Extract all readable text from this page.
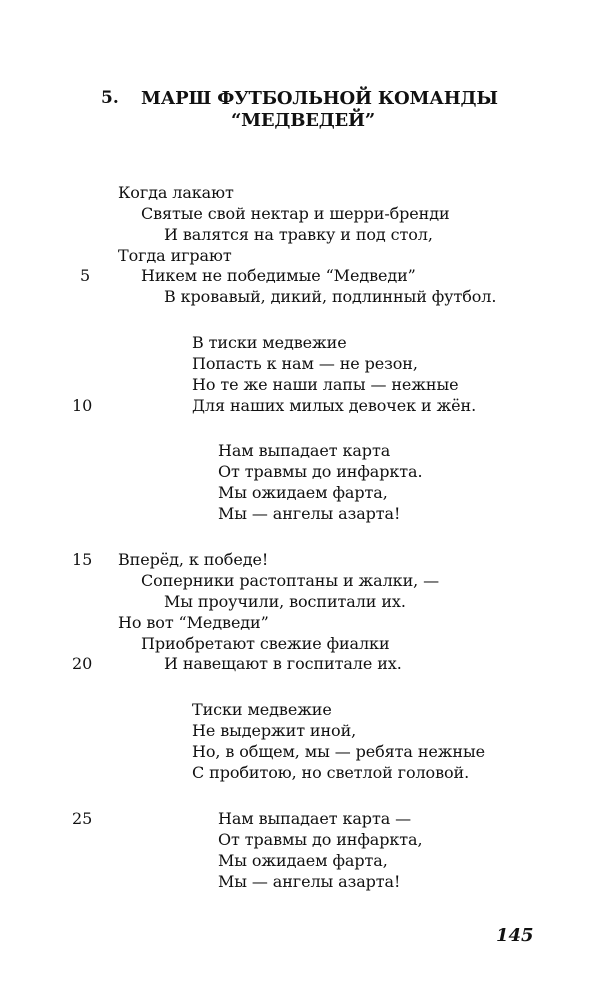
5. МАРШ ФУТБОЛЬНОЙ КОМАНДЫ
“МЕДВЕДЕЙ”
Когда лакают
Святые свой нектар и шерри-бренди
И валятся на травку и под стол,
Тогда играют
Никем не победимые “Медведи”
В кровавый, дикий, подлинный футбол.
В тиски медвежие
Попасть к нам — не резон,
Но те же наши лапы — нежные
Для наших милых девочек и жён.
Нам выпадает карта
От травмы до инфаркта.
Мы ожидаем фарта,
Мы — ангелы азарта!
Вперёд, к победе!
Соперники растоптаны и жалки, —
Мы проучили, воспитали их.
Но вот “Медведи”
Приобретают свежие фиалки
И навещают в госпитале их.
Тиски медвежие
Не выдержит иной,
Но, в общем, мы — ребята нежные
С пробитою, но светлой головой.
Нам выпадает карта —
От травмы до инфаркта,
Мы ожидаем фарта,
Мы — ангелы азарта!
5
10
15
20
25
145
